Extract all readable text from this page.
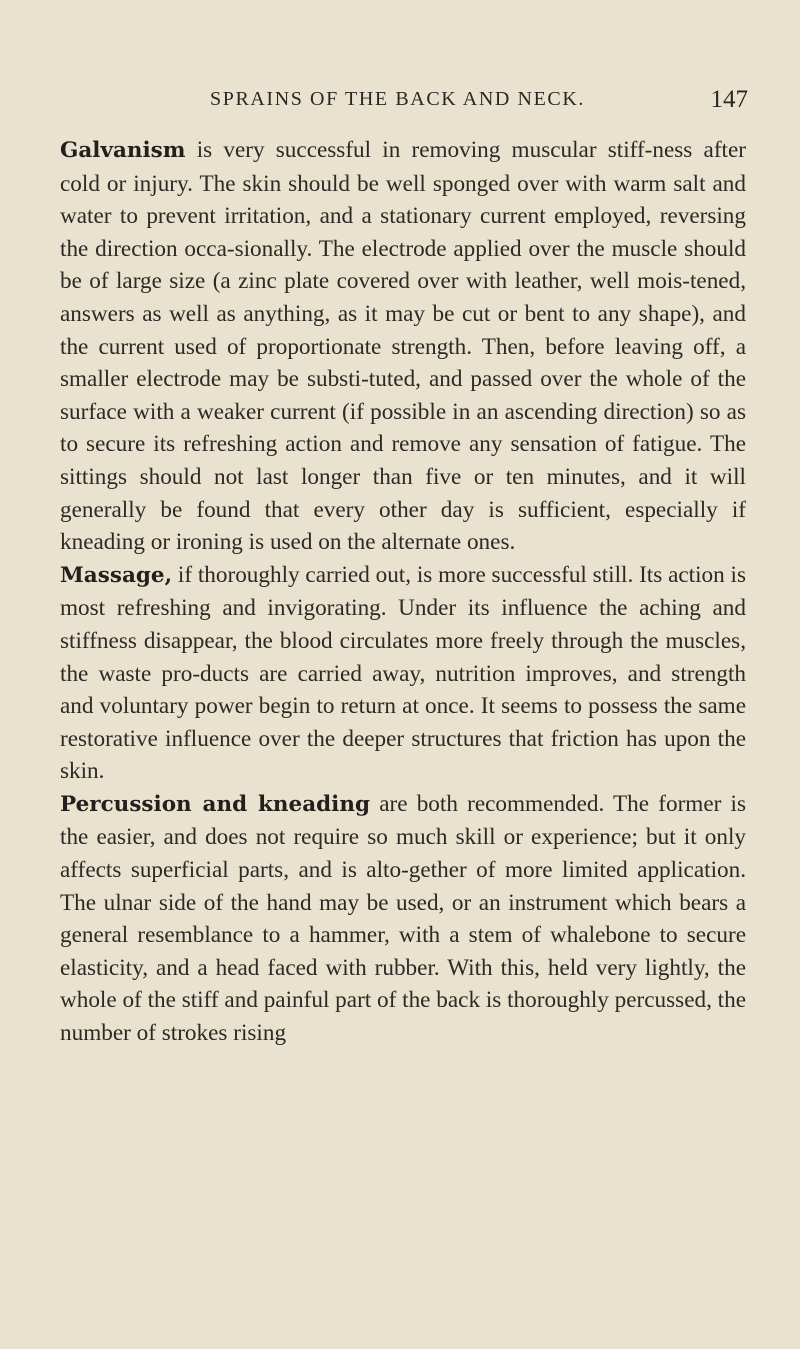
SPRAINS OF THE BACK AND NECK.	147

Galvanism is very successful in removing muscular stiff-ness after cold or injury. The skin should be well sponged over with warm salt and water to prevent irritation, and a stationary current employed, reversing the direction occa-sionally. The electrode applied over the muscle should be of large size (a zinc plate covered over with leather, well mois-tened, answers as well as anything, as it may be cut or bent to any shape), and the current used of proportionate strength. Then, before leaving off, a smaller electrode may be substi-tuted, and passed over the whole of the surface with a weaker current (if possible in an ascending direction) so as to secure its refreshing action and remove any sensation of fatigue. The sittings should not last longer than five or ten minutes, and it will generally be found that every other day is sufficient, especially if kneading or ironing is used on the alternate ones.

Massage, if thoroughly carried out, is more successful still. Its action is most refreshing and invigorating. Under its influence the aching and stiffness disappear, the blood circulates more freely through the muscles, the waste pro-ducts are carried away, nutrition improves, and strength and voluntary power begin to return at once. It seems to possess the same restorative influence over the deeper structures that friction has upon the skin.

Percussion and kneading are both recommended. The former is the easier, and does not require so much skill or experience; but it only affects superficial parts, and is alto-gether of more limited application. The ulnar side of the hand may be used, or an instrument which bears a general resemblance to a hammer, with a stem of whalebone to secure elasticity, and a head faced with rubber. With this, held very lightly, the whole of the stiff and painful part of the back is thoroughly percussed, the number of strokes rising
